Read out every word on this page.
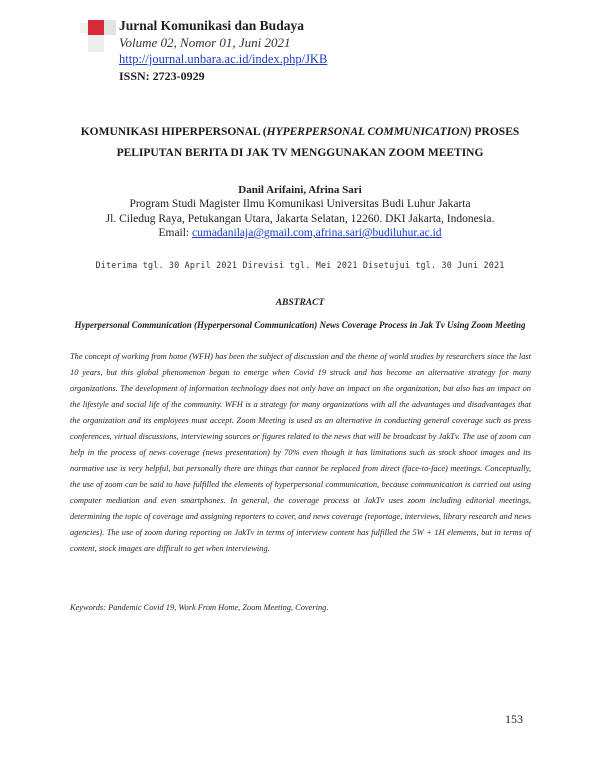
Jurnal Komunikasi dan Budaya
Volume 02, Nomor 01, Juni 2021
http://journal.unbara.ac.id/index.php/JKB
ISSN: 2723-0929
KOMUNIKASI HIPERPERSONAL (HYPERPERSONAL COMMUNICATION) PROSES
PELIPUTAN BERITA DI JAK TV MENGGUNAKAN ZOOM MEETING
Danil Arifaini, Afrina Sari
Program Studi Magister Ilmu Komunikasi Universitas Budi Luhur Jakarta
Jl. Ciledug Raya, Petukangan Utara, Jakarta Selatan, 12260. DKI Jakarta, Indonesia.
Email: cumadanilaja@gmail.com,afrina.sari@budiluhur.ac.id
Diterima tgl. 30 April 2021 Direvisi tgl. Mei 2021 Disetujui tgl. 30 Juni 2021
ABSTRACT
Hyperpersonal Communication (Hyperpersonal Communication) News Coverage Process in Jak Tv Using Zoom Meeting
The concept of working from home (WFH) has been the subject of discussion and the theme of world studies by researchers since the last 10 years, but this global phenomenon began to emerge when Covid 19 struck and has become an alternative strategy for many organizations. The development of information technology does not only have an impact on the organization, but also has an impact on the lifestyle and social life of the community. WFH is a strategy for many organizations with all the advantages and disadvantages that the organization and its employees must accept. Zoom Meeting is used as an alternative in conducting general coverage such as press conferences, virtual discussions, interviewing sources or figures related to the news that will be broadcast by JakTv. The use of zoom can help in the process of news coverage (news presentation) by 70% even though it has limitations such as stock shoot images and its normative use is very helpful, but personally there are things that cannot be replaced from direct (face-to-face) meetings. Conceptually, the use of zoom can be said to have fulfilled the elements of hyperpersonal communication, because communication is carried out using computer mediation and even smartphones. In general, the coverage process at JakTv uses zoom including editorial meetings, determining the topic of coverage and assigning reporters to cover, and news coverage (reportage, interviews, library research and news agencies). The use of zoom during reporting on JakTv in terms of interview content has fulfilled the 5W + 1H elements, but in terms of content, stock images are difficult to get when interviewing.
Keywords: Pandemic Covid 19, Work From Home, Zoom Meeting, Covering.
153
